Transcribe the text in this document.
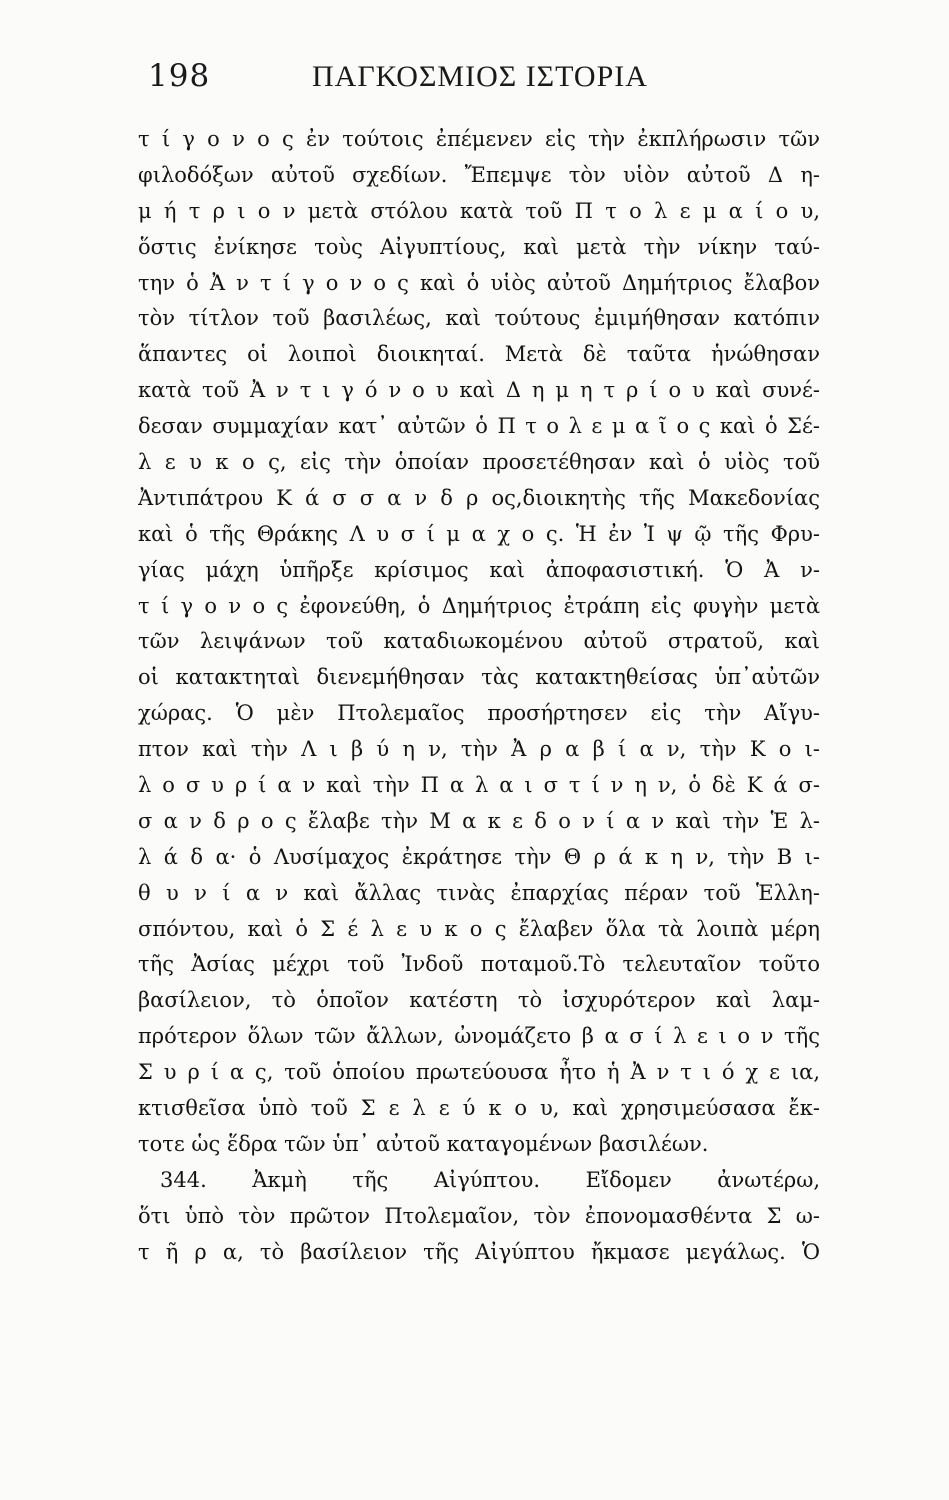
198	ΠΑΓΚΟΣΜΙΟΣ ΙΣΤΟΡΙΑ
τ ί γ ο ν ο ς ἐν τούτοις ἐπέμενεν εἰς τὴν ἐκπλήρωσιν τῶν
φιλοδόξων αὐτοῦ σχεδίων. Ἔπεμψε τὸν υἱὸν αὐτοῦ Δ η-
μ ή τ ρ ι ο ν μετὰ στόλου κατὰ τοῦ Π τ ο λ ε μ α ί ο υ,
ὅστις ἐνίκησε τοὺς Αἰγυπτίους, καὶ μετὰ τὴν νίκην ταύ-
την ὁ Ἀ ν τ ί γ ο ν ο ς καὶ ὁ υἱὸς αὐτοῦ Δημήτριος ἔλαβον
τὸν τίτλον τοῦ βασιλέως, καὶ τούτους ἐμιμήθησαν κατόπιν
ἅπαντες οἱ λοιποὶ διοικηταί. Μετὰ δὲ ταῦτα ἡνώθησαν
κατὰ τοῦ Ἀ ν τ ι γ ό ν ο υ καὶ Δ η μ η τ ρ ί ο υ καὶ συνέ-
δεσαν συμμαχίαν κατ᾽ αὐτῶν ὁ Π τ ο λ ε μ α ῖ ο ς καὶ ὁ Σέ-
λ ε υ κ ο ς, εἰς τὴν ὁποίαν προσετέθησαν καὶ ὁ υἱὸς τοῦ
Ἀντιπάτρου Κ ά σ σ α ν δ ρ ος,διοικητὴς τῆς Μακεδονίας
καὶ ὁ τῆς Θράκης Λ υ σ ί μ α χ ο ς. Ἡ ἐν Ἰ ψ ῷ τῆς Φρυ-
γίας μάχη ὑπῆρξε κρίσιμος καὶ ἀποφασιστική. Ὁ Ἀ ν-
τ ί γ ο ν ο ς ἐφονεύθη, ὁ Δημήτριος ἐτράπη εἰς φυγὴν μετὰ
τῶν λειψάνων τοῦ καταδιωκομένου αὐτοῦ στρατοῦ, καὶ
οἱ κατακτηταὶ διενεμήθησαν τὰς κατακτηθείσας ὑπ᾽αὐτῶν
χώρας. Ὁ μὲν Πτολεμαῖος προσήρτησεν εἰς τὴν Αἴγυ-
πτον καὶ τὴν Λ ι β ύ η ν, τὴν Ἀ ρ α β ί α ν, τὴν Κ ο ι-
λ ο σ υ ρ ί α ν καὶ τὴν Π α λ α ι σ τ ί ν η ν, ὁ δὲ Κ ά σ-
σ α ν δ ρ ο ς ἔλαβε τὴν Μ α κ ε δ ο ν ί α ν καὶ τὴν Ἑ λ-
λ ά δ α· ὁ Λυσίμαχος ἐκράτησε τὴν Θ ρ ά κ η ν, τὴν Β ι-
θ υ ν ί α ν καὶ ἄλλας τινὰς ἐπαρχίας πέραν τοῦ Ἑλλη-
σπόντου, καὶ ὁ Σ έ λ ε υ κ ο ς ἔλαβεν ὅλα τὰ λοιπὰ μέρη
τῆς Ἀσίας μέχρι τοῦ Ἰνδοῦ ποταμοῦ.Τὸ τελευταῖον τοῦτο
βασίλειον, τὸ ὁποῖον κατέστη τὸ ἰσχυρότερον καὶ λαμ-
πρότερον ὅλων τῶν ἄλλων, ὠνομάζετο β α σ ί λ ε ι ο ν τῆς
Σ υ ρ ί α ς, τοῦ ὁποίου πρωτεύουσα ἦτο ἡ Ἀ ν τ ι ό χ ε ια,
κτισθεῖσα ὑπὸ τοῦ Σ ε λ ε ύ κ ο υ, καὶ χρησιμεύσασα ἔκ-
τοτε ὡς ἕδρα τῶν ὑπ᾽ αὐτοῦ καταγομένων βασιλέων.
344. Ἀκμὴ τῆς Αἰγύπτου. Εἴδομεν ἀνωτέρω,
ὅτι ὑπὸ τὸν πρῶτον Πτολεμαῖον, τὸν ἐπονομασθέντα Σ ω-
τ ῆ ρ α, τὸ βασίλειον τῆς Αἰγύπτου ἤκμασε μεγάλως. Ὁ
